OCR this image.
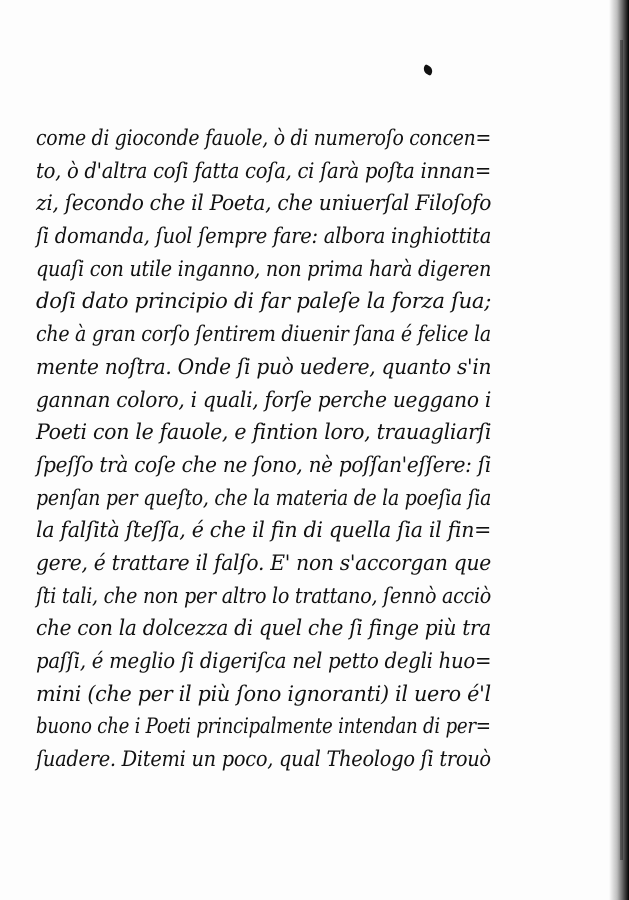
come di gioconde fauole, ò di numeroſo concen=
to, ò d'altra coſi fatta coſa, ci ſarà poſta innan=
zi, ſecondo che il Poeta, che uniuerſal Filoſofo
ſi domanda, ſuol ſempre fare: albora inghiottita
quaſi con utile inganno, non prima harà digeren
doſi dato principio di far paleſe la forza ſua;
che à gran corſo ſentirem diuenir ſana é felice la
mente noſtra. Onde ſi può uedere, quanto s'in
gannan coloro, i quali, forſe perche ueggano i
Poeti con le fauole, e fintion loro, trauagliarſi
ſpeſſo trà coſe che ne ſono, nè poſſan'eſſere: ſi
penſan per queſto, che la materia de la poeſia ſia
la falſità ſteſſa, é che il fin di quella ſia il fin=
gere, é trattare il falſo. E' non s'accorgan que
ſti tali, che non per altro lo trattano, ſennò acciò
che con la dolcezza di quel che ſi finge più tra
paſſi, é meglio ſi digeriſca nel petto degli huo=
mini (che per il più ſono ignoranti) il uero é'l
buono che i Poeti principalmente intendan di per=
ſuadere. Ditemi un poco, qual Theologo ſi trouò
